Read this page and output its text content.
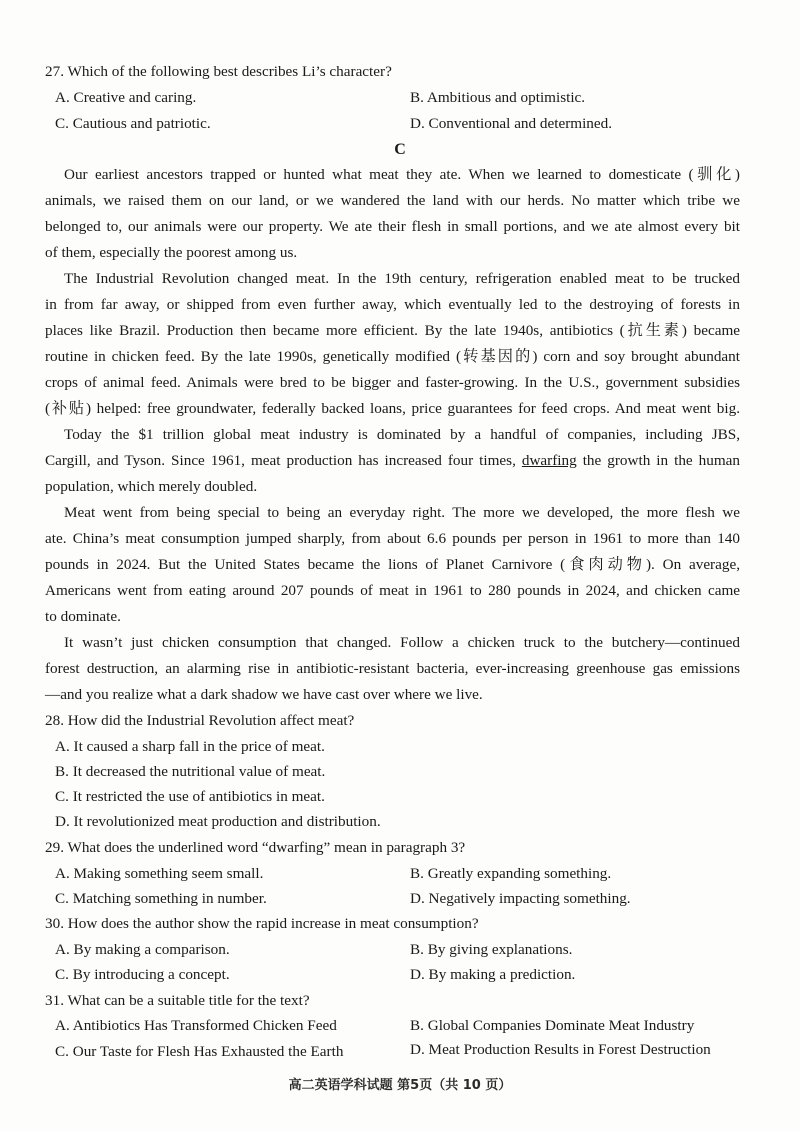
27. Which of the following best describes Li’s character?
A. Creative and caring.	B. Ambitious and optimistic.
C. Cautious and patriotic.	D. Conventional and determined.
C
Our earliest ancestors trapped or hunted what meat they ate. When we learned to domesticate (驯化)
animals, we raised them on our land, or we wandered the land with our herds. No matter which tribe we
belonged to, our animals were our property. We ate their flesh in small portions, and we ate almost every bit
of them, especially the poorest among us.
The Industrial Revolution changed meat. In the 19th century, refrigeration enabled meat to be trucked
in from far away, or shipped from even further away, which eventually led to the destroying of forests in
places like Brazil. Production then became more efficient. By the late 1940s, antibiotics (抗生素) became
routine in chicken feed. By the late 1990s, genetically modified (转基因的) corn and soy brought abundant
crops of animal feed. Animals were bred to be bigger and faster-growing. In the U.S., government subsidies
(补贴) helped: free groundwater, federally backed loans, price guarantees for feed crops. And meat went big.
Today the $1 trillion global meat industry is dominated by a handful of companies, including JBS,
Cargill, and Tyson. Since 1961, meat production has increased four times, dwarfing the growth in the human
population, which merely doubled.
Meat went from being special to being an everyday right. The more we developed, the more flesh we
ate. China’s meat consumption jumped sharply, from about 6.6 pounds per person in 1961 to more than 140
pounds in 2024. But the United States became the lions of Planet Carnivore (食肉动物). On average,
Americans went from eating around 207 pounds of meat in 1961 to 280 pounds in 2024, and chicken came
to dominate.
It wasn’t just chicken consumption that changed. Follow a chicken truck to the butchery—continued
forest destruction, an alarming rise in antibiotic-resistant bacteria, ever-increasing greenhouse gas emissions
—and you realize what a dark shadow we have cast over where we live.
28. How did the Industrial Revolution affect meat?
A. It caused a sharp fall in the price of meat.
B. It decreased the nutritional value of meat.
C. It restricted the use of antibiotics in meat.
D. It revolutionized meat production and distribution.
29. What does the underlined word “dwarfing” mean in paragraph 3?
A. Making something seem small.	B. Greatly expanding something.
C. Matching something in number.	D. Negatively impacting something.
30. How does the author show the rapid increase in meat consumption?
A. By making a comparison.	B. By giving explanations.
C. By introducing a concept.	D. By making a prediction.
31. What can be a suitable title for the text?
A. Antibiotics Has Transformed Chicken Feed	B. Global Companies Dominate Meat Industry
C. Our Taste for Flesh Has Exhausted the Earth	D. Meat Production Results in Forest Destruction
高二英语学科试题 第5页（共 10 页）
